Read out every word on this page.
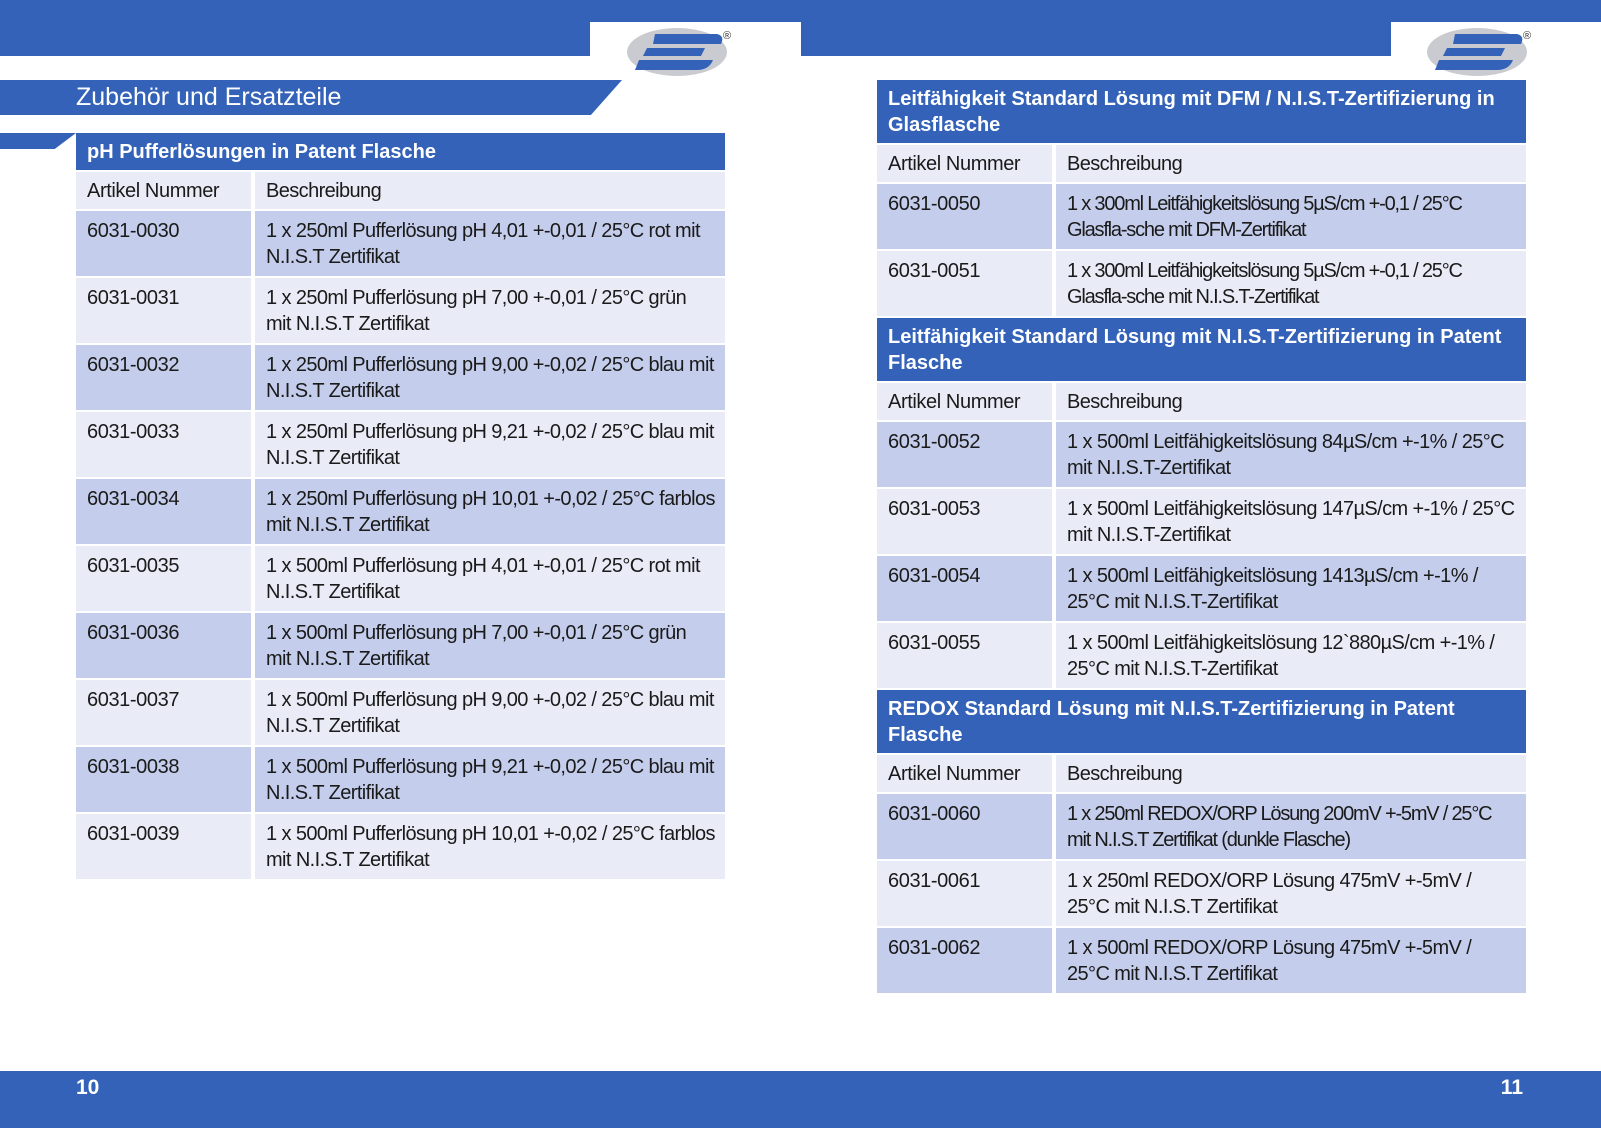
®	®
Zubehör und Ersatzteile
pH Pufferlösungen in Patent Flasche
Artikel Nummer	Beschreibung
6031-0030	1 x 250ml Pufferlösung pH 4,01 +-0,01 / 25°C rot mit N.I.S.T Zertifikat
6031-0031	1 x 250ml Pufferlösung pH 7,00 +-0,01 / 25°C grün mit N.I.S.T Zertifikat
6031-0032	1 x 250ml Pufferlösung pH 9,00 +-0,02 / 25°C blau mit N.I.S.T Zertifikat
6031-0033	1 x 250ml Pufferlösung pH 9,21 +-0,02 / 25°C blau mit N.I.S.T Zertifikat
6031-0034	1 x 250ml Pufferlösung pH 10,01 +-0,02 / 25°C farblos mit N.I.S.T Zertifikat
6031-0035	1 x 500ml Pufferlösung pH 4,01 +-0,01 / 25°C rot mit N.I.S.T Zertifikat
6031-0036	1 x 500ml Pufferlösung pH 7,00 +-0,01 / 25°C grün mit N.I.S.T Zertifikat
6031-0037	1 x 500ml Pufferlösung pH 9,00 +-0,02 / 25°C blau mit N.I.S.T Zertifikat
6031-0038	1 x 500ml Pufferlösung pH 9,21 +-0,02 / 25°C blau mit N.I.S.T Zertifikat
6031-0039	1 x 500ml Pufferlösung pH 10,01 +-0,02 / 25°C farblos mit N.I.S.T Zertifikat
Leitfähigkeit Standard Lösung mit DFM / N.I.S.T-Zertifizierung in Glasflasche
Artikel Nummer	Beschreibung
6031-0050	1 x 300ml Leitfähigkeitslösung 5µS/cm +-0,1 / 25°C Glasfla-sche mit DFM-Zertifikat
6031-0051	1 x 300ml Leitfähigkeitslösung 5µS/cm +-0,1 / 25°C Glasfla-sche mit N.I.S.T-Zertifikat
Leitfähigkeit Standard Lösung mit N.I.S.T-Zertifizierung in Patent Flasche
Artikel Nummer	Beschreibung
6031-0052	1 x 500ml Leitfähigkeitslösung 84µS/cm +-1% / 25°C mit N.I.S.T-Zertifikat
6031-0053	1 x 500ml Leitfähigkeitslösung 147µS/cm +-1% / 25°C mit N.I.S.T-Zertifikat
6031-0054	1 x 500ml Leitfähigkeitslösung 1413µS/cm +-1% / 25°C mit N.I.S.T-Zertifikat
6031-0055	1 x 500ml Leitfähigkeitslösung 12`880µS/cm +-1% / 25°C mit N.I.S.T-Zertifikat
REDOX Standard Lösung mit N.I.S.T-Zertifizierung in Patent Flasche
Artikel Nummer	Beschreibung
6031-0060	1 x 250ml REDOX/ORP Lösung 200mV +-5mV / 25°C mit N.I.S.T Zertifikat (dunkle Flasche)
6031-0061	1 x 250ml REDOX/ORP Lösung 475mV +-5mV / 25°C mit N.I.S.T Zertifikat
6031-0062	1 x 500ml REDOX/ORP Lösung 475mV +-5mV / 25°C mit N.I.S.T Zertifikat
10	11
